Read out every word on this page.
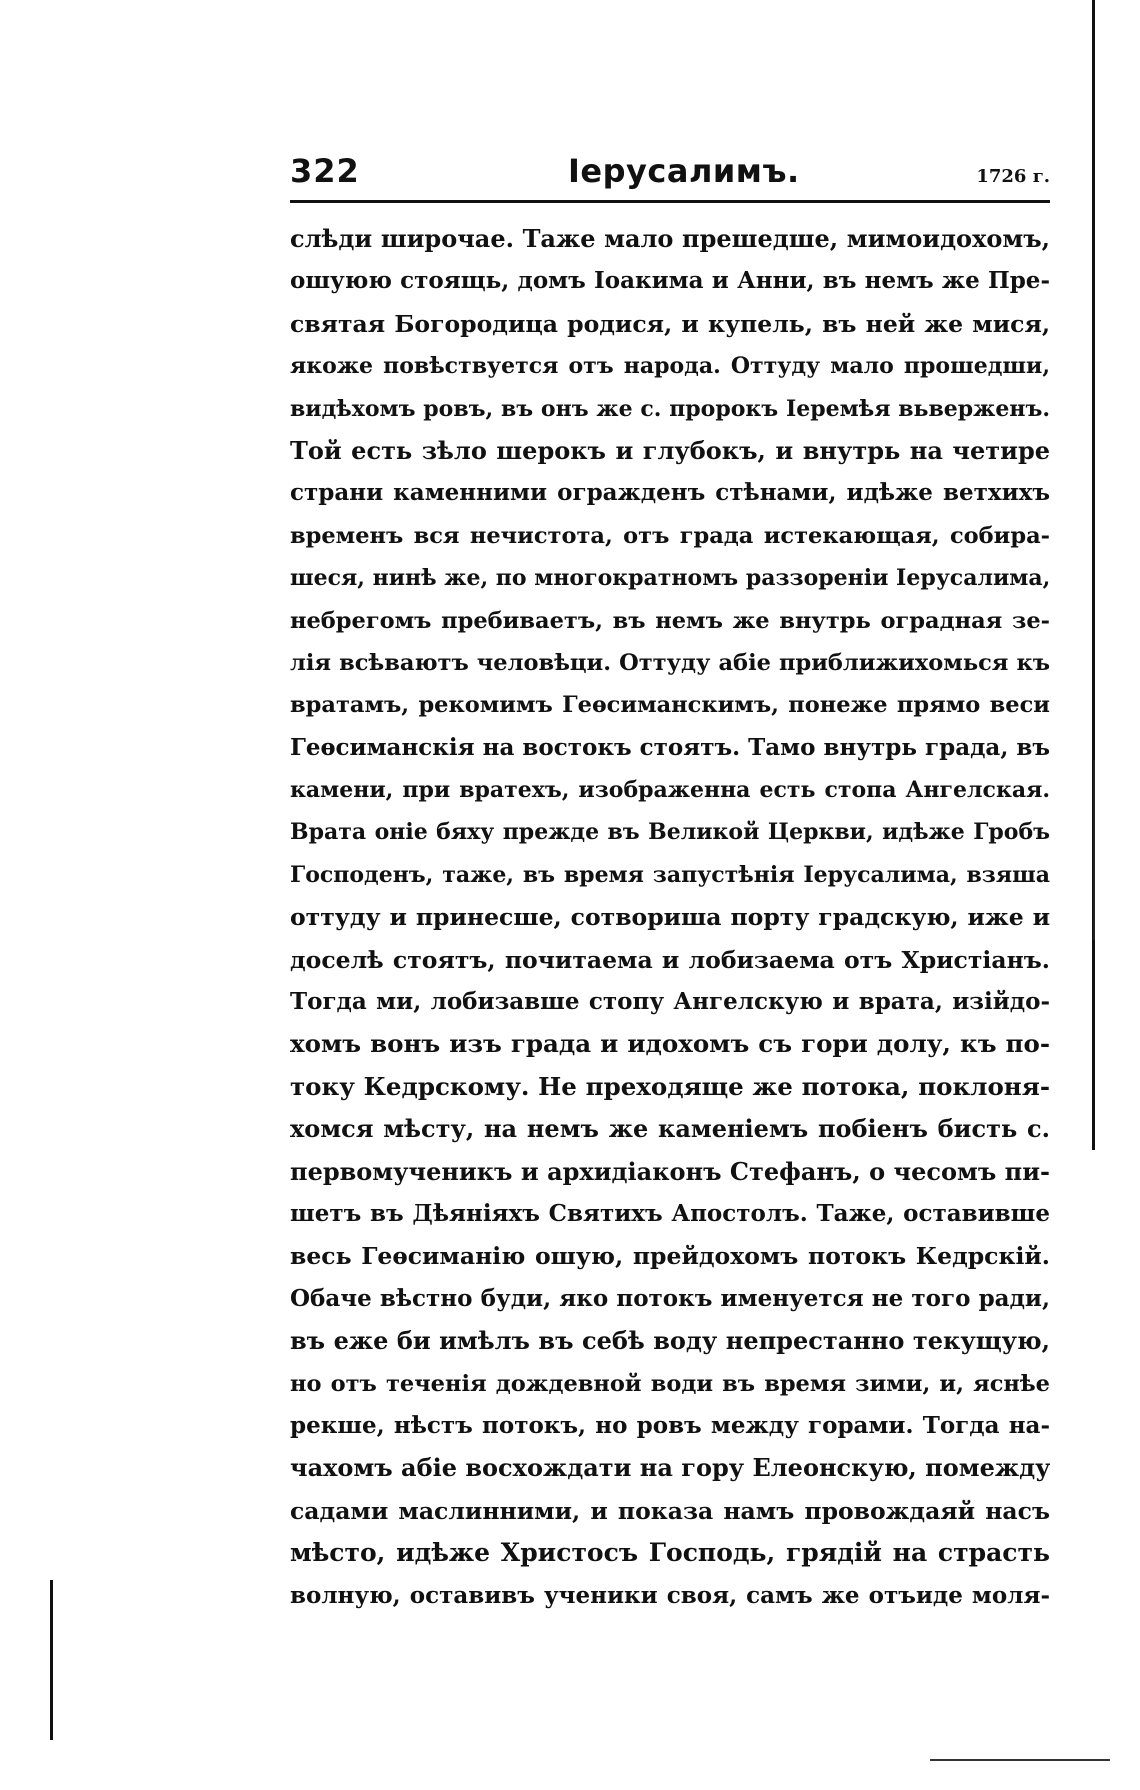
322	Іерусалимъ.	1726 г.
слѣди широчае. Таже мало прешедше, мимоидохомъ,
ошуюю стоящь, домъ Іоакима и Анни, въ немъ же Пре-
святая Богородица родися, и купель, въ ней же мися,
якоже повѣствуется отъ народа. Оттуду мало прошедши,
видѣхомъ ровъ, въ онъ же с. пророкъ Іеремѣя вьверженъ.
Той есть зѣло шерокъ и глубокъ, и внутрь на четире
страни каменними огражденъ стѣнами, идѣже ветхихъ
временъ вся нечистота, отъ града истекающая, собира-
шеся, нинѣ же, по многократномъ раззореніи Іерусалима,
небрегомъ пребиваетъ, въ немъ же внутрь оградная зе-
лія всѣваютъ человѣци. Оттуду абіе приближихомься къ
вратамъ, рекомимъ Геѳсиманскимъ, понеже прямо веси
Геѳсиманскія на востокъ стоятъ. Тамо внутрь града, въ
камени, при вратехъ, изображенна есть стопа Ангелская.
Врата оніе бяху прежде въ Великой Церкви, идѣже Гробъ
Господенъ, таже, въ время запустѣнія Іерусалима, взяша
оттуду и принесше, сотвориша порту градскую, иже и
доселѣ стоятъ, почитаема и лобизаема отъ Христіанъ.
Тогда ми, лобизавше стопу Ангелскую и врата, изійдо-
хомъ вонъ изъ града и идохомъ съ гори долу, къ по-
току Кедрскому. Не преходяще же потока, поклоня-
хомся мѣсту, на немъ же каменіемъ побіенъ бисть с.
первомученикъ и архидіаконъ Стефанъ, о чесомъ пи-
шетъ въ Дѣяніяхъ Святихъ Апостолъ. Таже, оставивше
весь Геѳсиманію ошую, прейдохомъ потокъ Кедрскій.
Обаче вѣстно буди, яко потокъ именуется не того ради,
въ еже би имѣлъ въ себѣ воду непрестанно текущую,
но отъ теченія дождевной води въ время зими, и, яснѣе
рекше, нѣстъ потокъ, но ровъ между горами. Тогда на-
чахомъ абіе восхождати на гору Елеонскую, помежду
садами маслинними, и показа намъ провождаяй насъ
мѣсто, идѣже Христосъ Господь, грядій на страсть
волную, оставивъ ученики своя, самъ же отъиде моля-
